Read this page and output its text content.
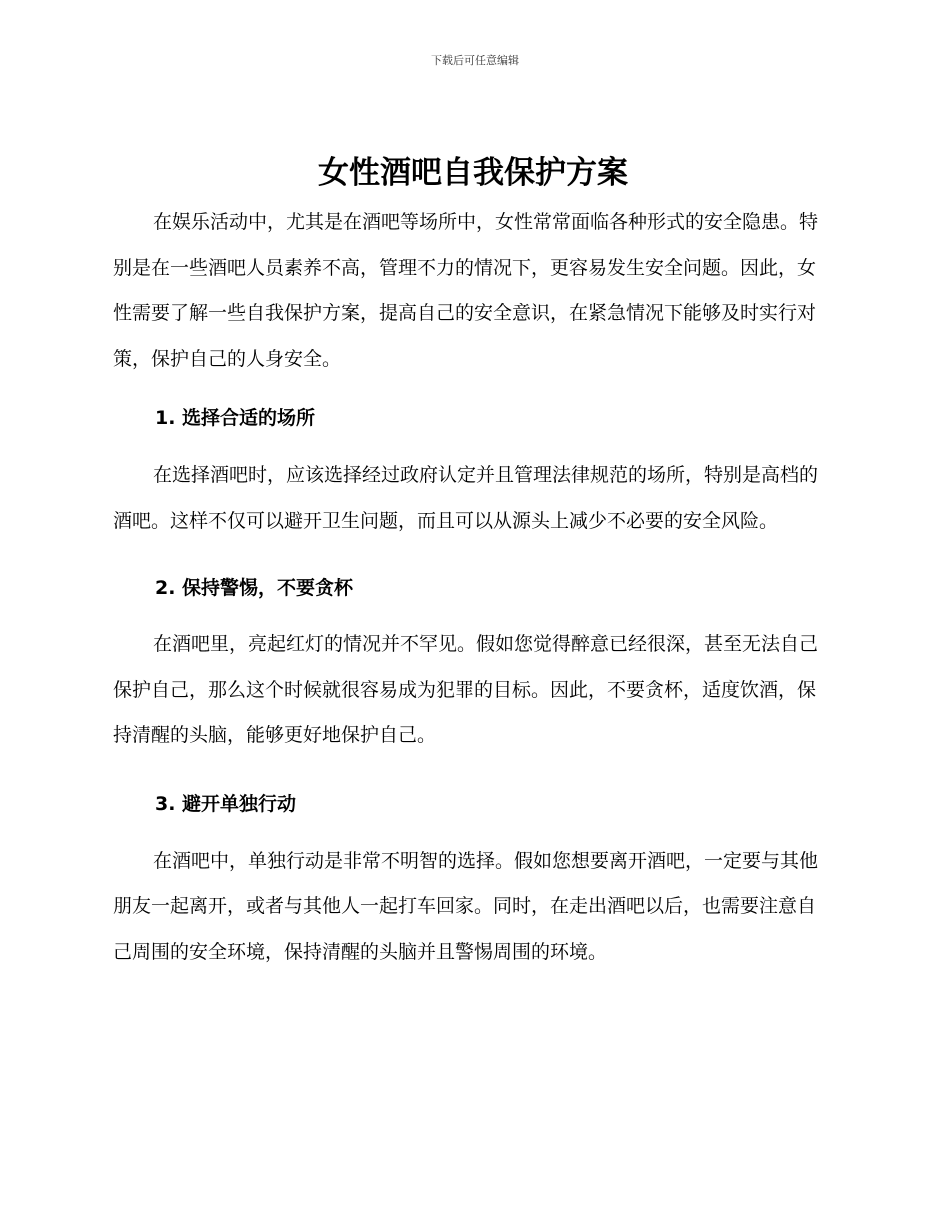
下载后可任意编辑
女性酒吧自我保护方案

在娱乐活动中，尤其是在酒吧等场所中，女性常常面临各种形式的安全隐患。特别是在一些酒吧人员素养不高，管理不力的情况下，更容易发生安全问题。因此，女性需要了解一些自我保护方案，提高自己的安全意识，在紧急情况下能够及时实行对策，保护自己的人身安全。

1. 选择合适的场所

在选择酒吧时，应该选择经过政府认定并且管理法律规范的场所，特别是高档的酒吧。这样不仅可以避开卫生问题，而且可以从源头上减少不必要的安全风险。

2. 保持警惕，不要贪杯

在酒吧里，亮起红灯的情况并不罕见。假如您觉得醉意已经很深，甚至无法自己保护自己，那么这个时候就很容易成为犯罪的目标。因此，不要贪杯，适度饮酒，保持清醒的头脑，能够更好地保护自己。

3. 避开单独行动

在酒吧中，单独行动是非常不明智的选择。假如您想要离开酒吧，一定要与其他朋友一起离开，或者与其他人一起打车回家。同时，在走出酒吧以后，也需要注意自己周围的安全环境，保持清醒的头脑并且警惕周围的环境。
